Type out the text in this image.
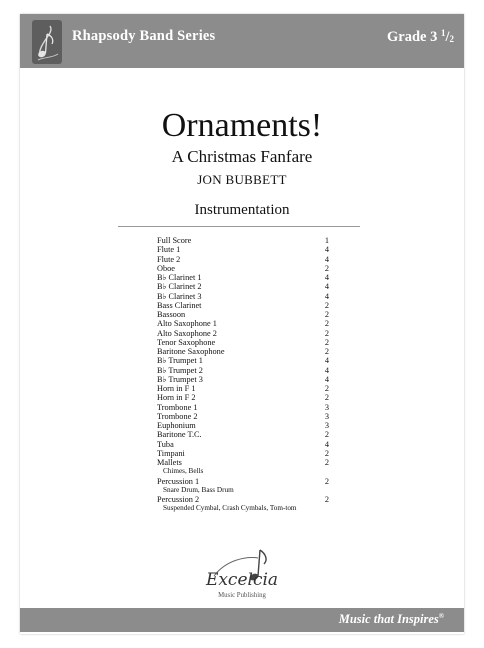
Rhapsody Band Series	Grade 3 $^1/_2$
Ornaments!
A Christmas Fanfare
JON BUBBETT
Instrumentation
Full Score	1
Flute 1	4
Flute 2	4
Oboe	2
B♭ Clarinet 1	4
B♭ Clarinet 2	4
B♭ Clarinet 3	4
Bass Clarinet	2
Bassoon	2
Alto Saxophone 1	2
Alto Saxophone 2	2
Tenor Saxophone	2
Baritone Saxophone	2
B♭ Trumpet 1	4
B♭ Trumpet 2	4
B♭ Trumpet 3	4
Horn in F 1	2
Horn in F 2	2
Trombone 1	3
Trombone 2	3
Euphonium	3
Baritone T.C.	2
Tuba	4
Timpani	2
Mallets	2
Chimes, Bells
Percussion 1	2
Snare Drum, Bass Drum
Percussion 2	2
Suspended Cymbal, Crash Cymbals, Tom-tom
Excelcia
Music Publishing
Music that Inspires®
